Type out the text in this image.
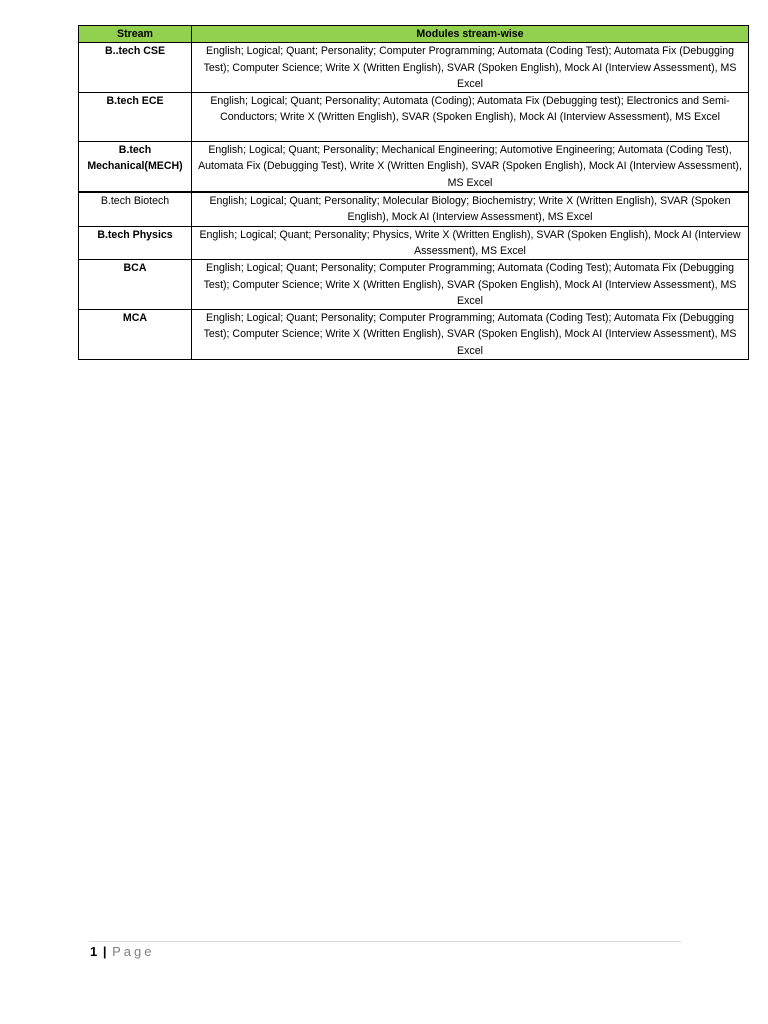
Stream	Modules stream-wise
B..tech CSE	English; Logical; Quant; Personality; Computer Programming; Automata (Coding Test); Automata Fix (Debugging Test); Computer Science; Write X (Written English), SVAR (Spoken English), Mock AI (Interview Assessment), MS Excel
B.tech ECE	English; Logical; Quant; Personality; Automata (Coding); Automata Fix (Debugging test); Electronics and Semi-Conductors; Write X (Written English), SVAR (Spoken English), Mock AI (Interview Assessment), MS Excel
B.tech Mechanical(MECH)	English; Logical; Quant; Personality; Mechanical Engineering; Automotive Engineering; Automata (Coding Test), Automata Fix (Debugging Test), Write X (Written English), SVAR (Spoken English), Mock AI (Interview Assessment), MS Excel
B.tech Biotech	English; Logical; Quant; Personality; Molecular Biology; Biochemistry; Write X (Written English), SVAR (Spoken English), Mock AI (Interview Assessment), MS Excel
B.tech Physics	English; Logical; Quant; Personality; Physics, Write X (Written English), SVAR (Spoken English), Mock AI (Interview Assessment), MS Excel
BCA	English; Logical; Quant; Personality; Computer Programming; Automata (Coding Test); Automata Fix (Debugging Test); Computer Science; Write X (Written English), SVAR (Spoken English), Mock AI (Interview Assessment), MS Excel
MCA	English; Logical; Quant; Personality; Computer Programming; Automata (Coding Test); Automata Fix (Debugging Test); Computer Science; Write X (Written English), SVAR (Spoken English), Mock AI (Interview Assessment), MS Excel
1 | Page
